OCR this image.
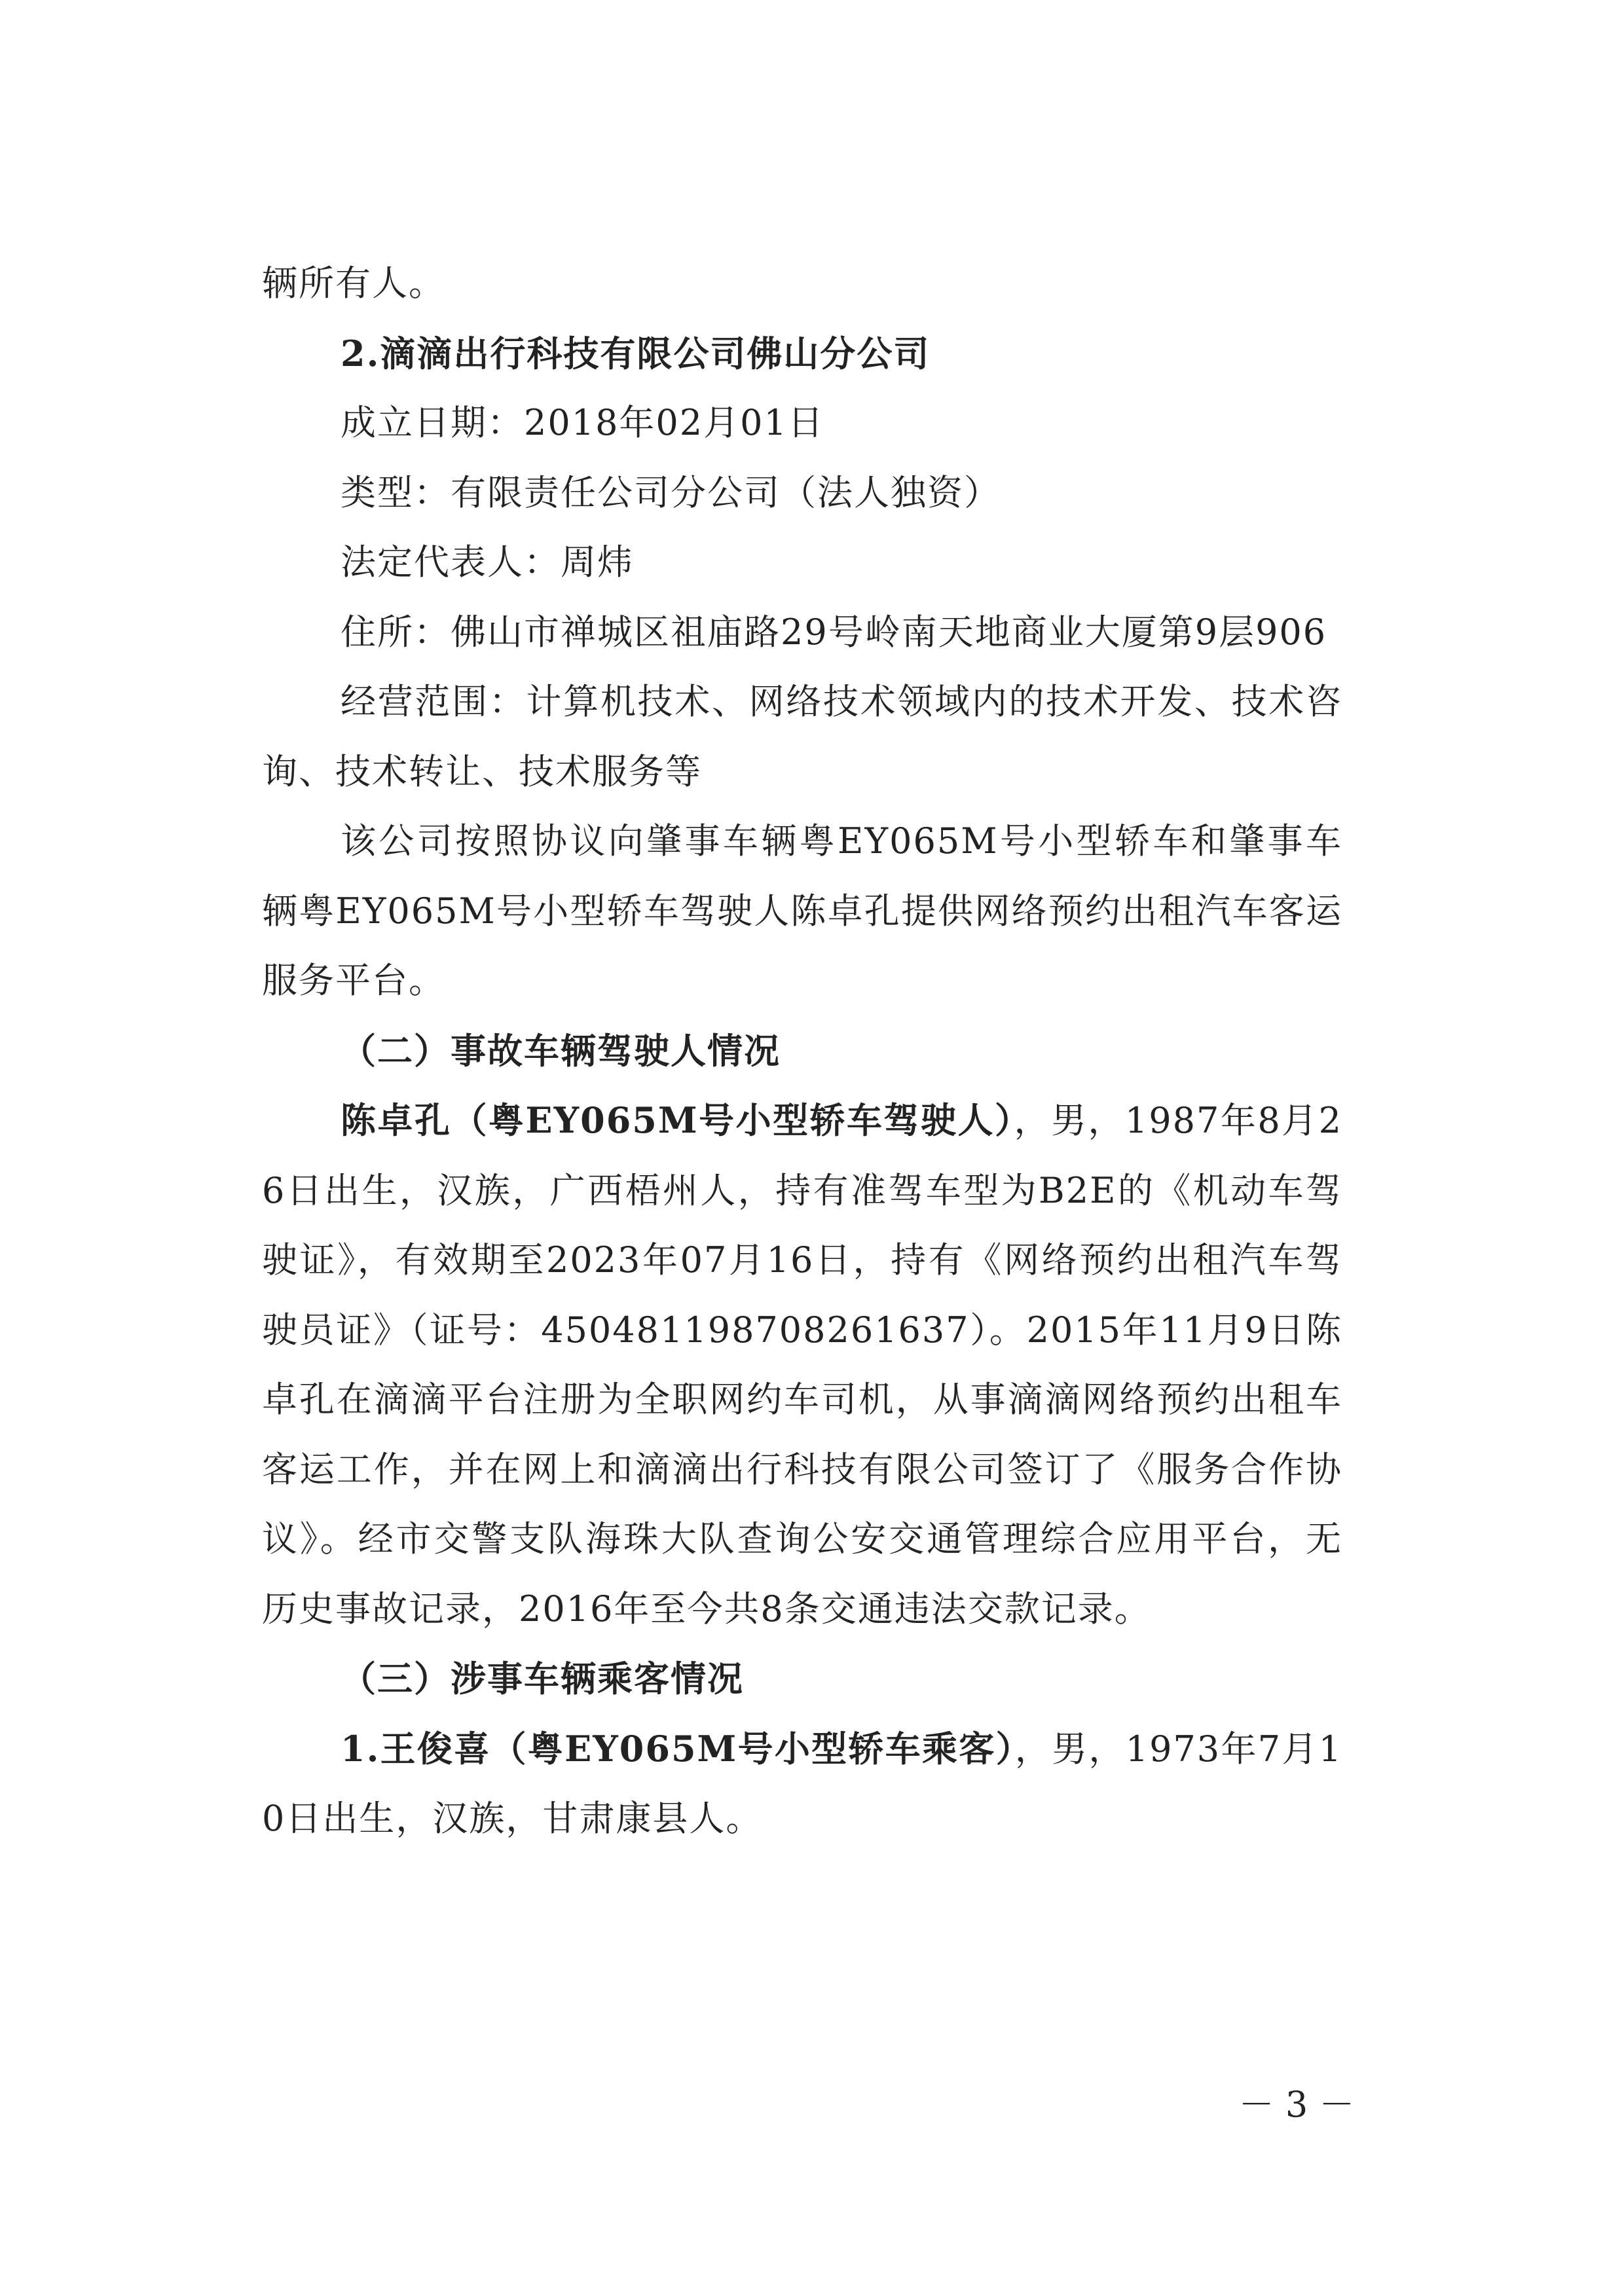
辆所有人。

2.滴滴出行科技有限公司佛山分公司

成立日期：2018年02月01日

类型：有限责任公司分公司（法人独资）

法定代表人：周炜

住所：佛山市禅城区祖庙路29号岭南天地商业大厦第9层906

经营范围：计算机技术、网络技术领域内的技术开发、技术咨询、技术转让、技术服务等

该公司按照协议向肇事车辆粤EY065M号小型轿车和肇事车辆粤EY065M号小型轿车驾驶人陈卓孔提供网络预约出租汽车客运服务平台。

（二）事故车辆驾驶人情况

陈卓孔（粤EY065M号小型轿车驾驶人），男，1987年8月26日出生，汉族，广西梧州人，持有准驾车型为B2E的《机动车驾驶证》，有效期至2023年07月16日，持有《网络预约出租汽车驾驶员证》（证号：450481198708261637）。2015年11月9日陈卓孔在滴滴平台注册为全职网约车司机，从事滴滴网络预约出租车客运工作，并在网上和滴滴出行科技有限公司签订了《服务合作协议》。经市交警支队海珠大队查询公安交通管理综合应用平台，无历史事故记录，2016年至今共8条交通违法交款记录。

（三）涉事车辆乘客情况

1.王俊喜（粤EY065M号小型轿车乘客），男，1973年7月10日出生，汉族，甘肃康县人。

－ 3 －
